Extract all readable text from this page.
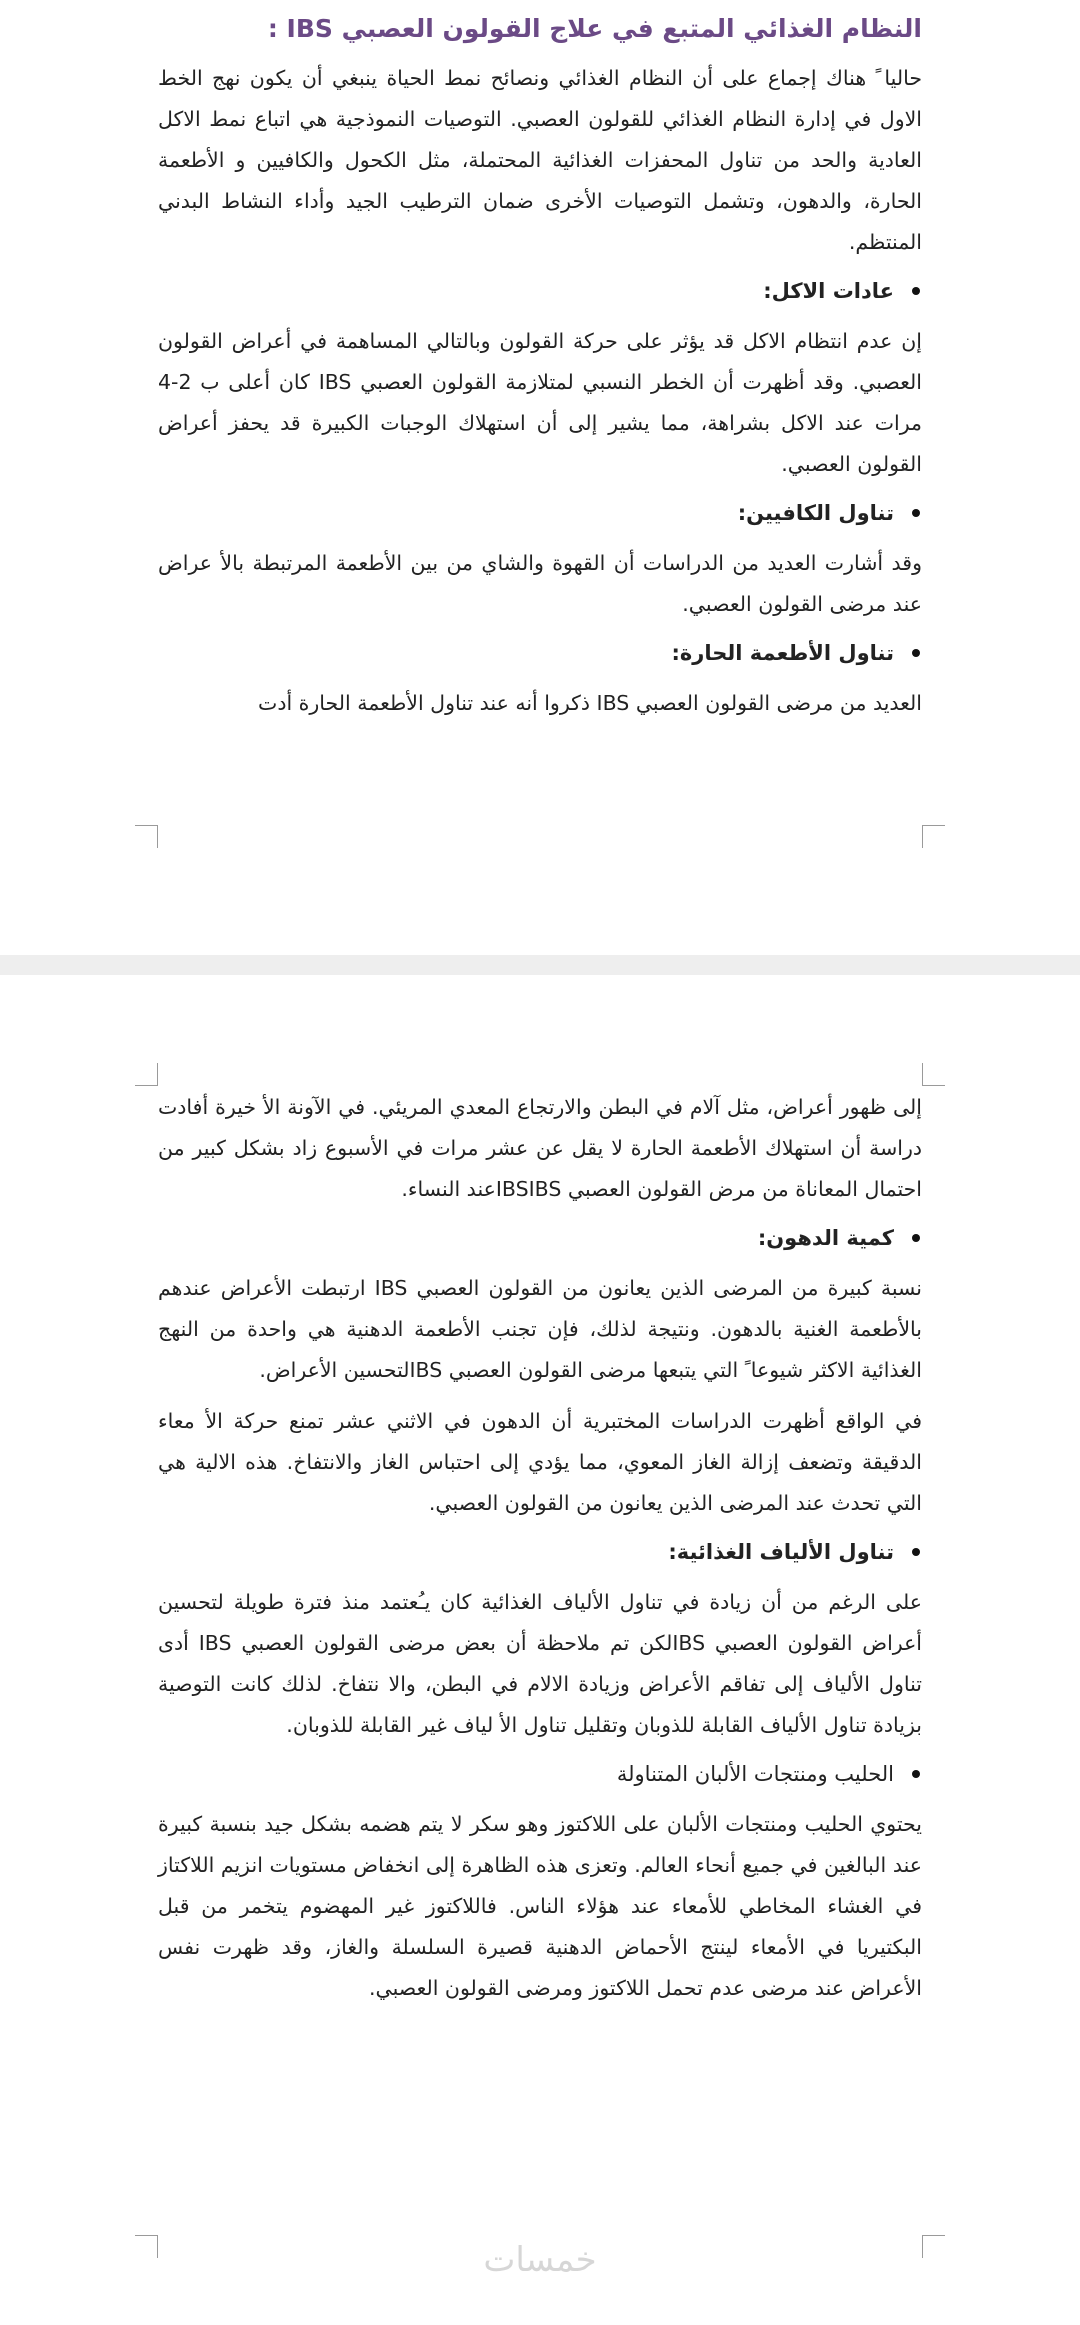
النظام الغذائي المتبع في علاج القولون العصبي IBS :

حاليا ً هناك إجماع على أن النظام الغذائي ونصائح نمط الحياة ينبغي أن يكون نهج الخط الاول في إدارة النظام الغذائي للقولون العصبي. التوصيات النموذجية هي اتباع نمط الاكل العادية والحد من تناول المحفزات الغذائية المحتملة، مثل الكحول والكافيين و الأطعمة الحارة، والدهون، وتشمل التوصيات الأخرى ضمان الترطيب الجيد وأداء النشاط البدني المنتظم.

عادات الاكل:

إن عدم انتظام الاكل قد يؤثر على حركة القولون وبالتالي المساهمة في أعراض القولون العصبي. وقد أظهرت أن الخطر النسبي لمتلازمة القولون العصبي IBS كان أعلى ب 2-4 مرات عند الاكل بشراهة، مما يشير إلى أن استهلاك الوجبات الكبيرة قد يحفز أعراض القولون العصبي.

تناول الكافيين:

وقد أشارت العديد من الدراسات أن القهوة والشاي من بين الأطعمة المرتبطة بالأ عراض عند مرضى القولون العصبي.

تناول الأطعمة الحارة:

العديد من مرضى القولون العصبي IBS ذكروا أنه عند تناول الأطعمة الحارة أدت

إلى ظهور أعراض، مثل آلام في البطن والارتجاع المعدي المريئي. في الآونة الأ خيرة أفادت دراسة أن استهلاك الأطعمة الحارة لا يقل عن عشر مرات في الأسبوع زاد بشكل كبير من احتمال المعاناة من مرض القولون العصبي IBSIBSعند النساء.

كمية الدهون:

نسبة كبيرة من المرضى الذين يعانون من القولون العصبي IBS ارتبطت الأعراض عندهم بالأطعمة الغنية بالدهون. ونتيجة لذلك، فإن تجنب الأطعمة الدهنية هي واحدة من النهج الغذائية الاكثر شيوعا ً التي يتبعها مرضى القولون العصبي IBSلتحسين الأعراض.

في الواقع أظهرت الدراسات المختبرية أن الدهون في الاثني عشر تمنع حركة الأ معاء الدقيقة وتضعف إزالة الغاز المعوي، مما يؤدي إلى احتباس الغاز والانتفاخ. هذه الالية هي التي تحدث عند المرضى الذين يعانون من القولون العصبي.

تناول الألياف الغذائية:

على الرغم من أن زيادة في تناول الألياف الغذائية كان يـُعتمد منذ فترة طويلة لتحسين أعراض القولون العصبي IBSلكن تم ملاحظة أن بعض مرضى القولون العصبي IBS أدى تناول الألياف إلى تفاقم الأعراض وزيادة الالام في البطن، والا نتفاخ. لذلك كانت التوصية بزيادة تناول الألياف القابلة للذوبان وتقليل تناول الأ لياف غير القابلة للذوبان.

الحليب ومنتجات الألبان المتناولة

يحتوي الحليب ومنتجات الألبان على اللاكتوز وهو سكر لا يتم هضمه بشكل جيد بنسبة كبيرة عند البالغين في جميع أنحاء العالم. وتعزى هذه الظاهرة إلى انخفاض مستويات انزيم اللاكتاز في الغشاء المخاطي للأمعاء عند هؤلاء الناس. فاللاكتوز غير المهضوم يتخمر من قبل البكتيريا في الأمعاء لينتج الأحماض الدهنية قصيرة السلسلة والغاز، وقد ظهرت نفس الأعراض عند مرضى عدم تحمل اللاكتوز ومرضى القولون العصبي.

خمسات
